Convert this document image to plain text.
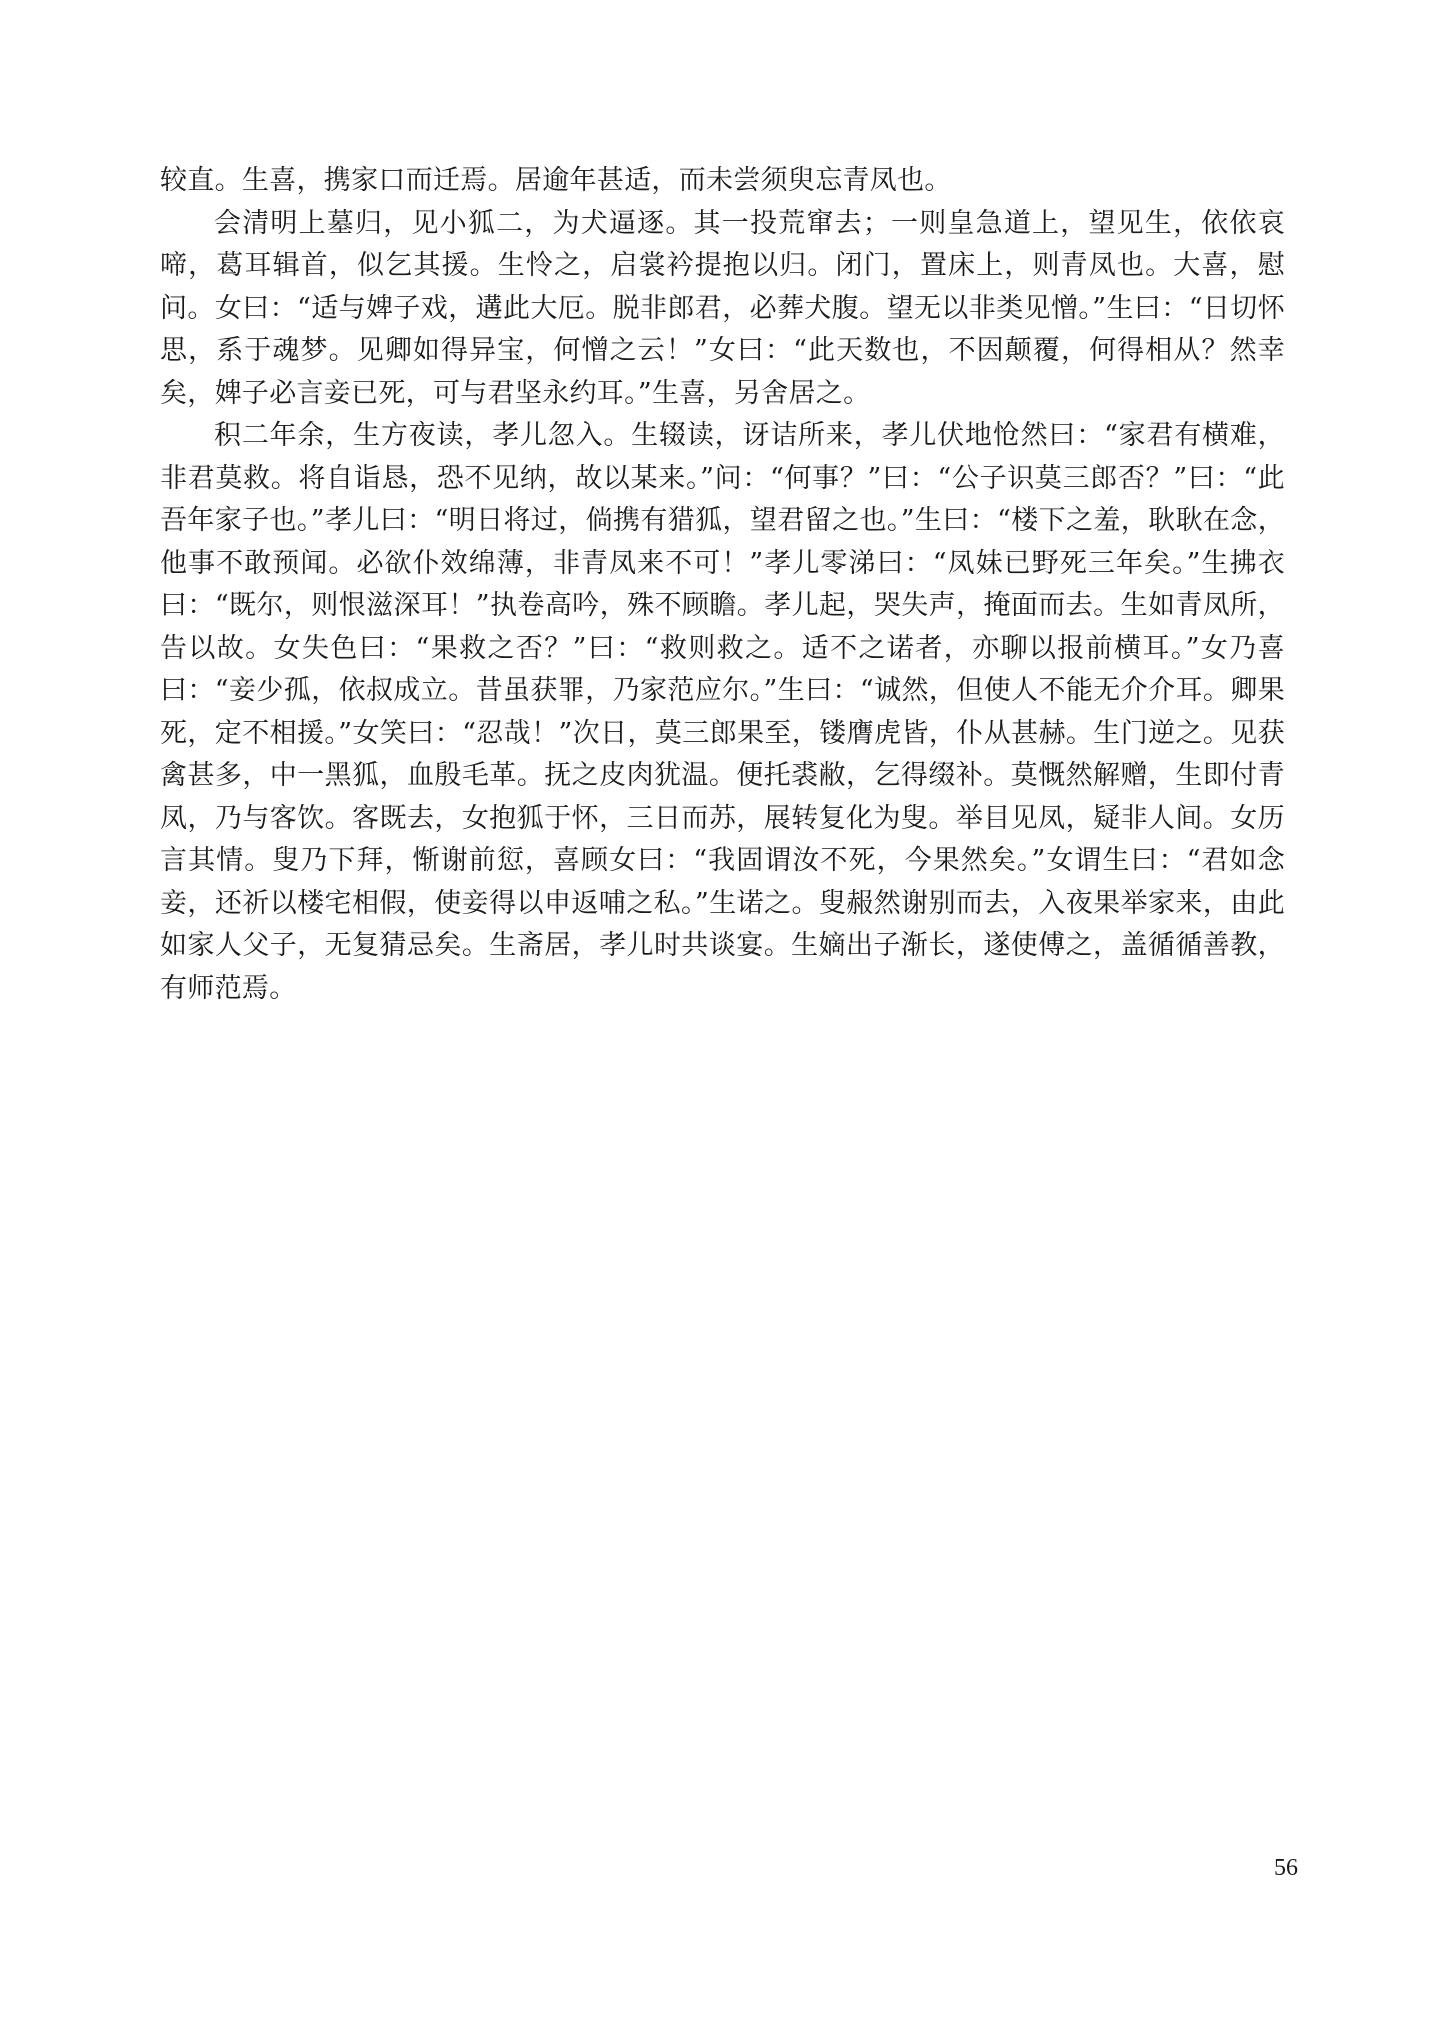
较直。生喜，携家口而迁焉。居逾年甚适，而未尝须臾忘青凤也。

会清明上墓归，见小狐二，为犬逼逐。其一投荒窜去；一则皇急道上，望见生，依依哀啼，葛耳辑首，似乞其援。生怜之，启裳衿提抱以归。闭门，置床上，则青凤也。大喜，慰问。女曰：“适与婢子戏，遘此大厄。脱非郎君，必葬犬腹。望无以非类见憎。”生曰：“日切怀思，系于魂梦。见卿如得异宝，何憎之云！”女曰：“此天数也，不因颠覆，何得相从？然幸矣，婢子必言妾已死，可与君坚永约耳。”生喜，另舍居之。

积二年余，生方夜读，孝儿忽入。生辍读，讶诘所来，孝儿伏地怆然曰：“家君有横难，非君莫救。将自诣恳，恐不见纳，故以某来。”问：“何事？”曰：“公子识莫三郎否？”曰：“此吾年家子也。”孝儿曰：“明日将过，倘携有猎狐，望君留之也。”生曰：“楼下之羞，耿耿在念，他事不敢预闻。必欲仆效绵薄，非青凤来不可！”孝儿零涕曰：“凤妹已野死三年矣。”生拂衣曰：“既尔，则恨滋深耳！”执卷高吟，殊不顾瞻。孝儿起，哭失声，掩面而去。生如青凤所，告以故。女失色曰：“果救之否？”曰：“救则救之。适不之诺者，亦聊以报前横耳。”女乃喜曰：“妾少孤，依叔成立。昔虽获罪，乃家范应尔。”生曰：“诚然，但使人不能无介介耳。卿果死，定不相援。”女笑曰：“忍哉！”次日，莫三郎果至，镂膺虎皆，仆从甚赫。生门逆之。见获禽甚多，中一黑狐，血殷毛革。抚之皮肉犹温。便托裘敝，乞得缀补。莫慨然解赠，生即付青凤，乃与客饮。客既去，女抱狐于怀，三日而苏，展转复化为叟。举目见凤，疑非人间。女历言其情。叟乃下拜，惭谢前愆，喜顾女曰：“我固谓汝不死，今果然矣。”女谓生曰：“君如念妾，还祈以楼宅相假，使妾得以申返哺之私。”生诺之。叟赧然谢别而去，入夜果举家来，由此如家人父子，无复猜忌矣。生斋居，孝儿时共谈宴。生嫡出子渐长，遂使傅之，盖循循善教，有师范焉。

56
